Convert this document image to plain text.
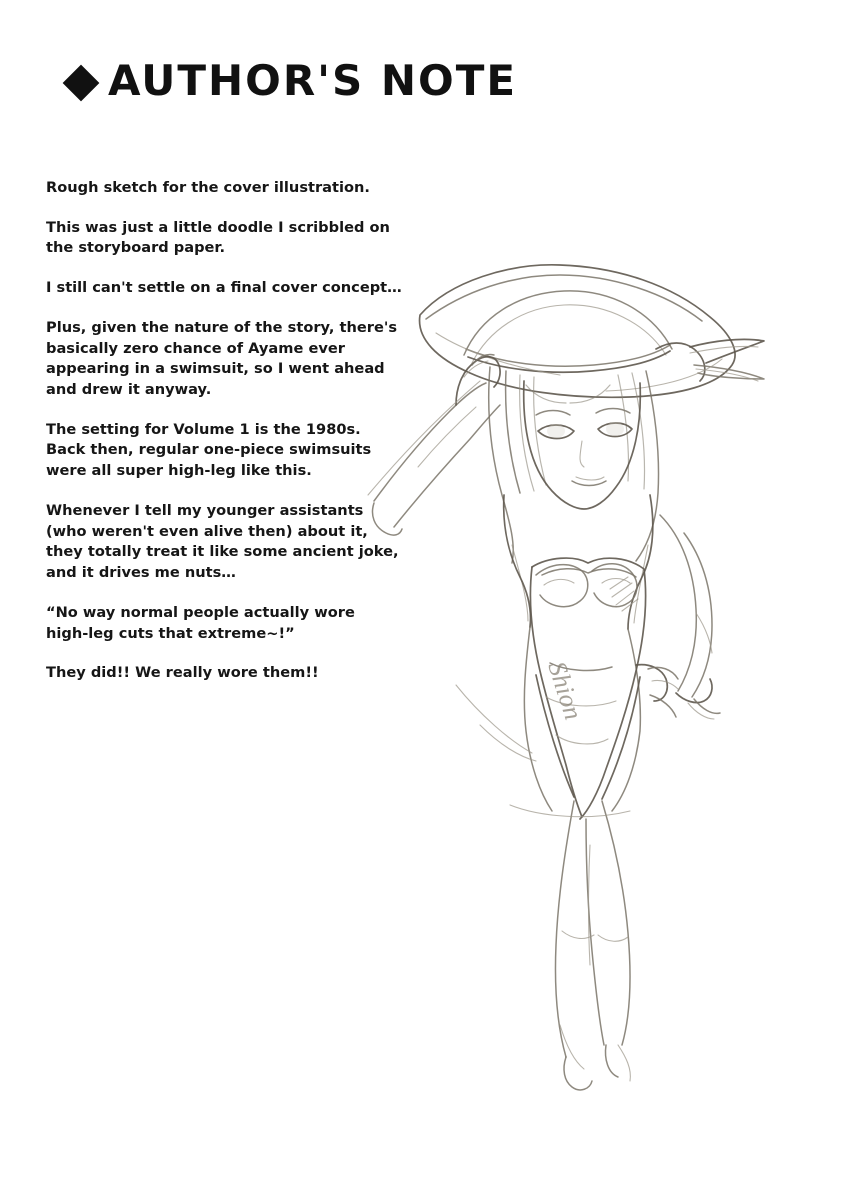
AUTHOR'S NOTE

Rough sketch for the cover illustration.

This was just a little doodle I scribbled on the storyboard paper.

I still can't settle on a final cover concept…

Plus, given the nature of the story, there's basically zero chance of Ayame ever appearing in a swimsuit, so I went ahead and drew it anyway.

The setting for Volume 1 is the 1980s. Back then, regular one-piece swimsuits were all super high-leg like this.

Whenever I tell my younger assistants (who weren't even alive then) about it, they totally treat it like some ancient joke, and it drives me nuts…

“No way normal people actually wore high-leg cuts that extreme~!”

They did!! We really wore them!!	Shion
